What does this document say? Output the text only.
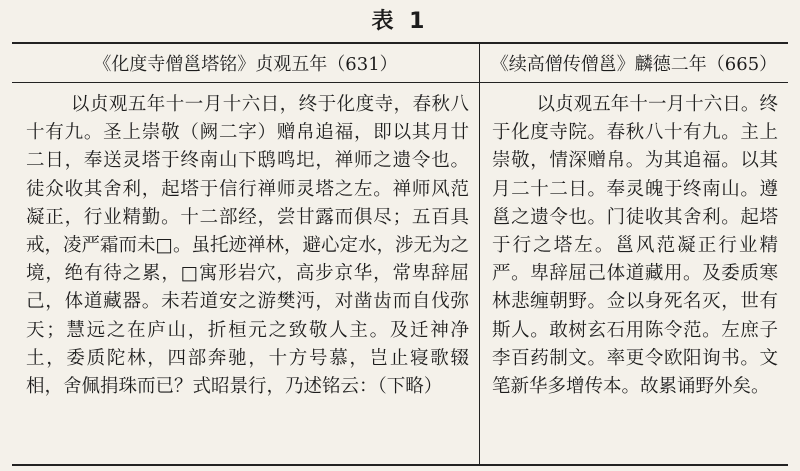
表 1
《化度寺僧邕塔铭》贞观五年（631）	《续高僧传僧邕》麟德二年（665）
以贞观五年十一月十六日，终于化度寺，春秋八十有九。圣上崇敬（阙二字）赠帛追福，即以其月廿二日，奉送灵塔于终南山下鸱鸣圯，禅师之遗令也。徒众收其舍利，起塔于信行禅师灵塔之左。禅师风范凝正，行业精勤。十二部经，尝甘露而俱尽；五百具戒，凌严霜而未□。虽托迹禅林，避心定水，涉无为之境，绝有待之累，□寓形岩穴，高步京华，常卑辞屈己，体道藏器。未若道安之游樊沔，对凿齿而自伐弥天；慧远之在庐山，折桓元之致敬人主。及迁神净土，委质陀林，四部奔驰，十方号慕，岂止寝歌辍相，舍佩捐珠而已？式昭景行，乃述铭云：（下略）
以贞观五年十一月十六日。终于化度寺院。春秋八十有九。主上崇敬，情深赠帛。为其追福。以其月二十二日。奉灵魄于终南山。遵邕之遗令也。门徒收其舍利。起塔于行之塔左。邕风范凝正行业精严。卑辞屈己体道藏用。及委质寒林悲缠朝野。佥以身死名灭，世有斯人。敢树玄石用陈令范。左庶子李百药制文。率更令欧阳询书。文笔新华多增传本。故累诵野外矣。
